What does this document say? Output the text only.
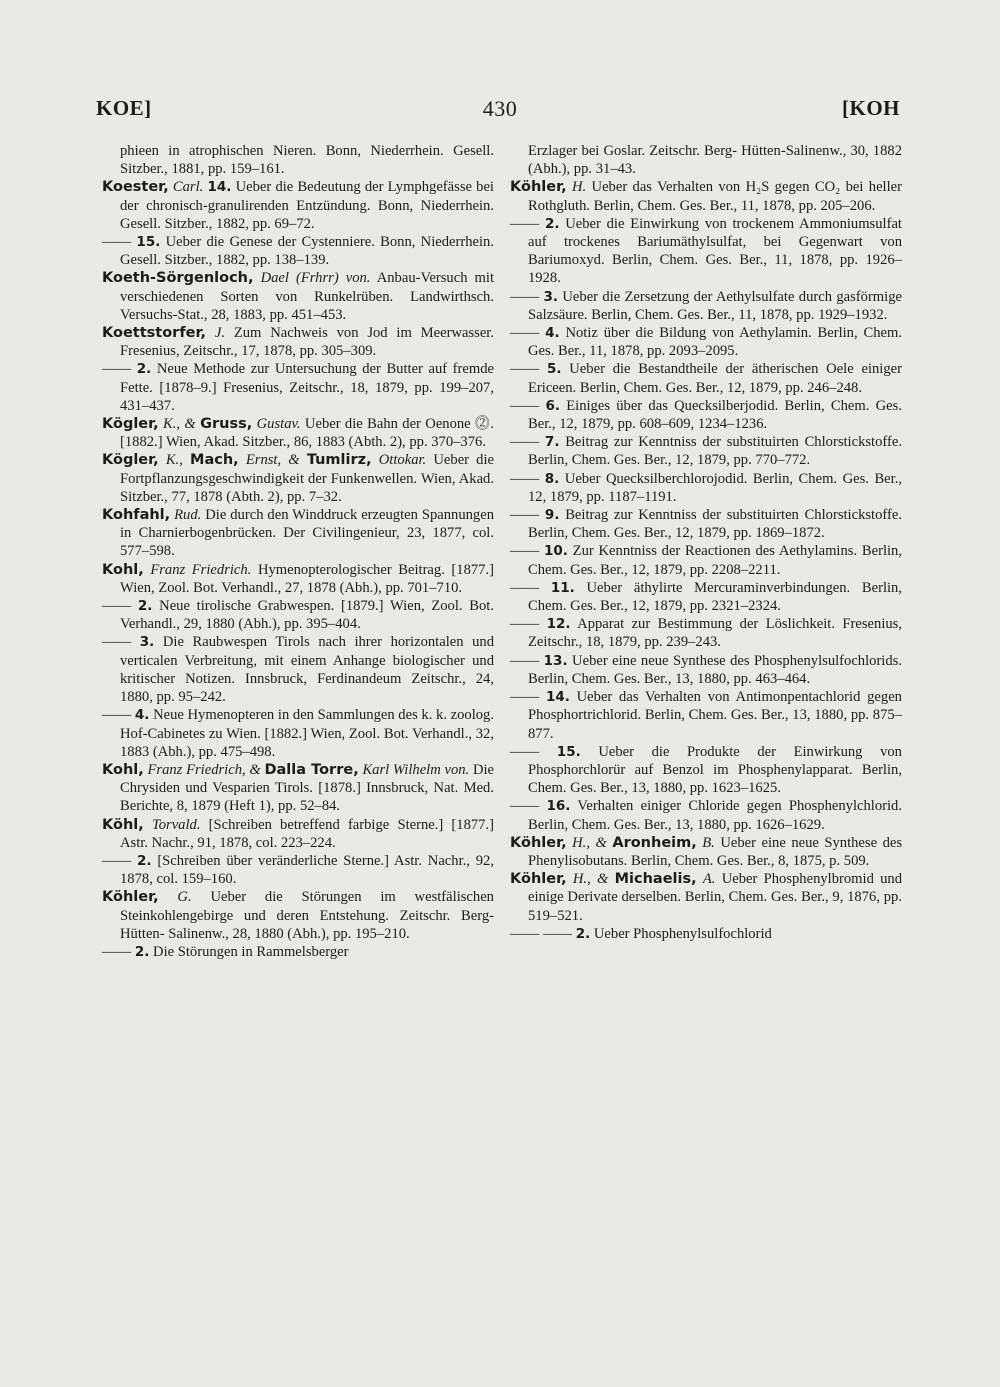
KOE]	430	[KOH

phieen in atrophischen Nieren. Bonn, Niederrhein. Gesell. Sitzber., 1881, pp. 159–161.

Koester, Carl. 14. Ueber die Bedeutung der Lymphgefässe bei der chronisch-granulirenden Entzündung. Bonn, Niederrhein. Gesell. Sitzber., 1882, pp. 69–72.

—— 15. Ueber die Genese der Cystenniere. Bonn, Niederrhein. Gesell. Sitzber., 1882, pp. 138–139.

Koeth-Sörgenloch, Dael (Frhrr) von. Anbau-Versuch mit verschiedenen Sorten von Runkelrüben. Landwirthsch. Versuchs-Stat., 28, 1883, pp. 451–453.

Koettstorfer, J. Zum Nachweis von Jod im Meerwasser. Fresenius, Zeitschr., 17, 1878, pp. 305–309.

—— 2. Neue Methode zur Untersuchung der Butter auf fremde Fette. [1878–9.] Fresenius, Zeitschr., 18, 1879, pp. 199–207, 431–437.

Kögler, K., & Gruss, Gustav. Ueber die Bahn der Oenone ⓶. [1882.] Wien, Akad. Sitzber., 86, 1883 (Abth. 2), pp. 370–376.

Kögler, K., Mach, Ernst, & Tumlirz, Ottokar. Ueber die Fortpflanzungsgeschwindigkeit der Funkenwellen. Wien, Akad. Sitzber., 77, 1878 (Abth. 2), pp. 7–32.

Kohfahl, Rud. Die durch den Winddruck erzeugten Spannungen in Charnierbogenbrücken. Der Civilingenieur, 23, 1877, col. 577–598.

Kohl, Franz Friedrich. Hymenopterologischer Beitrag. [1877.] Wien, Zool. Bot. Verhandl., 27, 1878 (Abh.), pp. 701–710.

—— 2. Neue tirolische Grabwespen. [1879.] Wien, Zool. Bot. Verhandl., 29, 1880 (Abh.), pp. 395–404.

—— 3. Die Raubwespen Tirols nach ihrer horizontalen und verticalen Verbreitung, mit einem Anhange biologischer und kritischer Notizen. Innsbruck, Ferdinandeum Zeitschr., 24, 1880, pp. 95–242.

—— 4. Neue Hymenopteren in den Sammlungen des k. k. zoolog. Hof-Cabinetes zu Wien. [1882.] Wien, Zool. Bot. Verhandl., 32, 1883 (Abh.), pp. 475–498.

Kohl, Franz Friedrich, & Dalla Torre, Karl Wilhelm von. Die Chrysiden und Vesparien Tirols. [1878.] Innsbruck, Nat. Med. Berichte, 8, 1879 (Heft 1), pp. 52–84.

Köhl, Torvald. [Schreiben betreffend farbige Sterne.] [1877.] Astr. Nachr., 91, 1878, col. 223–224.

—— 2. [Schreiben über veränderliche Sterne.] Astr. Nachr., 92, 1878, col. 159–160.

Köhler, G. Ueber die Störungen im westfälischen Steinkohlengebirge und deren Entstehung. Zeitschr. Berg- Hütten- Salinenw., 28, 1880 (Abh.), pp. 195–210.

—— 2. Die Störungen in Rammelsberger

Erzlager bei Goslar. Zeitschr. Berg- Hütten-Salinenw., 30, 1882 (Abh.), pp. 31–43.

Köhler, H. Ueber das Verhalten von H₂S gegen CO₂ bei heller Rothgluth. Berlin, Chem. Ges. Ber., 11, 1878, pp. 205–206.

—— 2. Ueber die Einwirkung von trockenem Ammoniumsulfat auf trockenes Bariumäthylsulfat, bei Gegenwart von Bariumoxyd. Berlin, Chem. Ges. Ber., 11, 1878, pp. 1926–1928.

—— 3. Ueber die Zersetzung der Aethylsulfate durch gasförmige Salzsäure. Berlin, Chem. Ges. Ber., 11, 1878, pp. 1929–1932.

—— 4. Notiz über die Bildung von Aethylamin. Berlin, Chem. Ges. Ber., 11, 1878, pp. 2093–2095.

—— 5. Ueber die Bestandtheile der ätherischen Oele einiger Ericeen. Berlin, Chem. Ges. Ber., 12, 1879, pp. 246–248.

—— 6. Einiges über das Quecksilberjodid. Berlin, Chem. Ges. Ber., 12, 1879, pp. 608–609, 1234–1236.

—— 7. Beitrag zur Kenntniss der substituirten Chlorstickstoffe. Berlin, Chem. Ges. Ber., 12, 1879, pp. 770–772.

—— 8. Ueber Quecksilberchlorojodid. Berlin, Chem. Ges. Ber., 12, 1879, pp. 1187–1191.

—— 9. Beitrag zur Kenntniss der substituirten Chlorstickstoffe. Berlin, Chem. Ges. Ber., 12, 1879, pp. 1869–1872.

—— 10. Zur Kenntniss der Reactionen des Aethylamins. Berlin, Chem. Ges. Ber., 12, 1879, pp. 2208–2211.

—— 11. Ueber äthylirte Mercuraminverbindungen. Berlin, Chem. Ges. Ber., 12, 1879, pp. 2321–2324.

—— 12. Apparat zur Bestimmung der Löslichkeit. Fresenius, Zeitschr., 18, 1879, pp. 239–243.

—— 13. Ueber eine neue Synthese des Phosphenylsulfochlorids. Berlin, Chem. Ges. Ber., 13, 1880, pp. 463–464.

—— 14. Ueber das Verhalten von Antimonpentachlorid gegen Phosphortrichlorid. Berlin, Chem. Ges. Ber., 13, 1880, pp. 875–877.

—— 15. Ueber die Produkte der Einwirkung von Phosphorchlorür auf Benzol im Phosphenylapparat. Berlin, Chem. Ges. Ber., 13, 1880, pp. 1623–1625.

—— 16. Verhalten einiger Chloride gegen Phosphenylchlorid. Berlin, Chem. Ges. Ber., 13, 1880, pp. 1626–1629.

Köhler, H., & Aronheim, B. Ueber eine neue Synthese des Phenylisobutans. Berlin, Chem. Ges. Ber., 8, 1875, p. 509.

Köhler, H., & Michaelis, A. Ueber Phosphenylbromid und einige Derivate derselben. Berlin, Chem. Ges. Ber., 9, 1876, pp. 519–521.

—— —— 2. Ueber Phosphenylsulfochlorid
